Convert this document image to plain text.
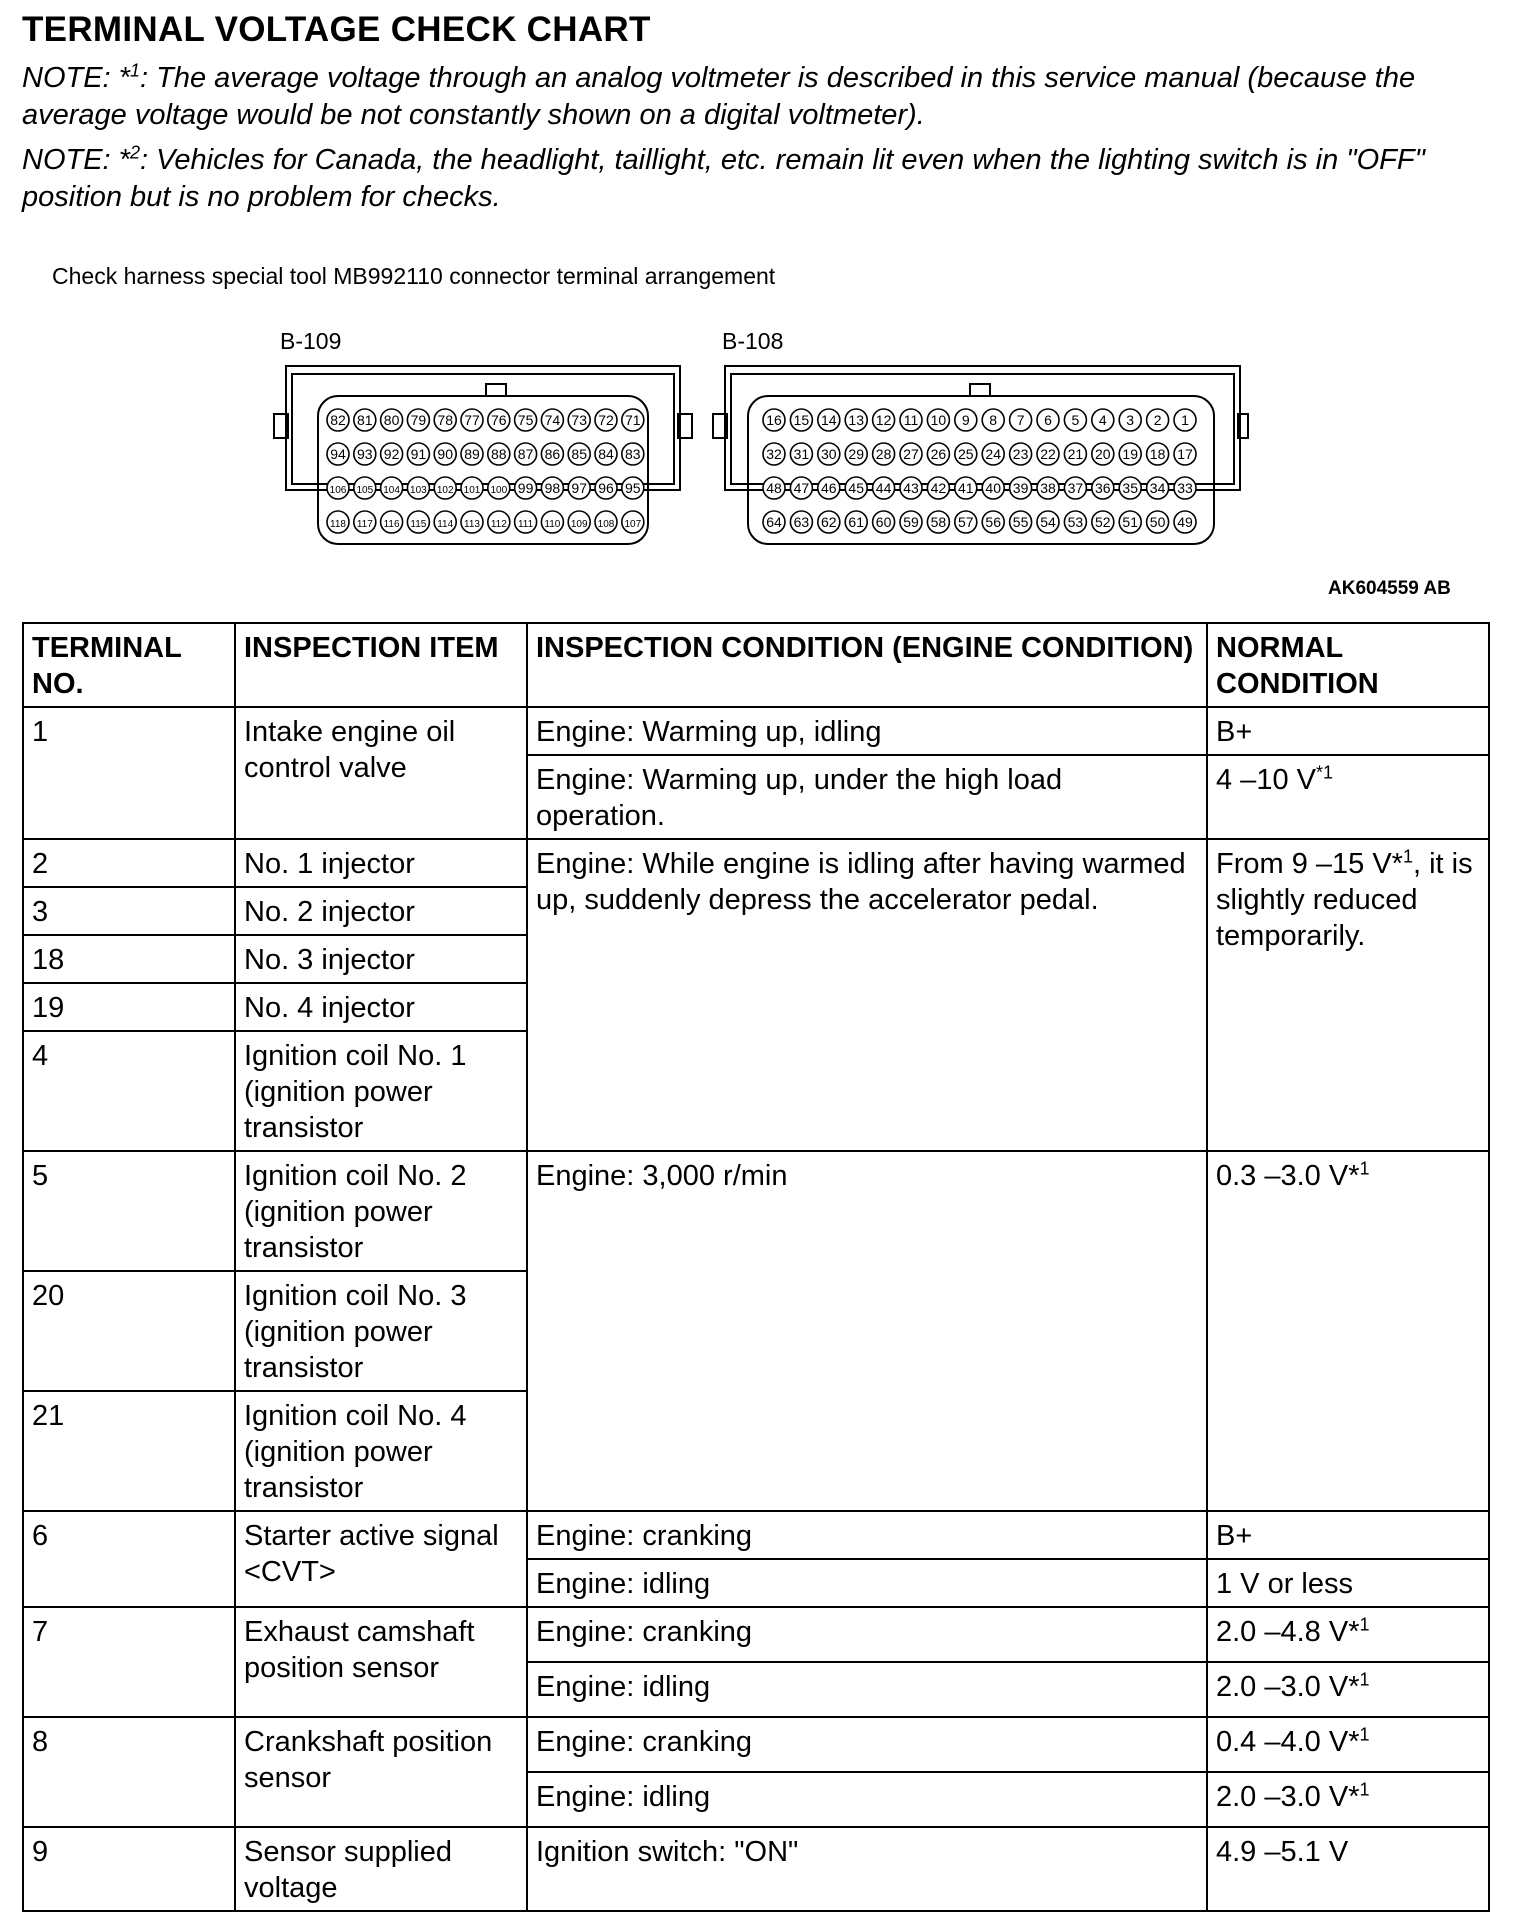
TERMINAL VOLTAGE CHECK CHART
NOTE: *$^1$: The average voltage through an analog voltmeter is described in this service manual (because the average voltage would be not constantly shown on a digital voltmeter).
NOTE: *$^2$: Vehicles for Canada, the headlight, taillight, etc. remain lit even when the lighting switch is in "OFF" position but is no problem for checks.
Check harness special tool MB992110 connector terminal arrangement
B-109	B-108
82 81 80 79 78 77 76 75 74 73 72 71
94 93 92 91 90 89 88 87 86 85 84 83
106 105 104 103 102 101 100 99 98 97 96 95
118 117 116 115 114 113 112 111 110 109 108 107
16 15 14 13 12 11 10 9 8 7 6 5 4 3 2 1
32 31 30 29 28 27 26 25 24 23 22 21 20 19 18 17
48 47 46 45 44 43 42 41 40 39 38 37 36 35 34 33
64 63 62 61 60 59 58 57 56 55 54 53 52 51 50 49
AK604559 AB
TERMINAL NO.	INSPECTION ITEM	INSPECTION CONDITION (ENGINE CONDITION)	NORMAL CONDITION
1	Intake engine oil control valve	Engine: Warming up, idling	B+
		Engine: Warming up, under the high load operation.	4 –10 $V^{*1}$
2	No. 1 injector	Engine: While engine is idling after having warmed up, suddenly depress the accelerator pedal.	From 9 –15 V*$^1$, it is slightly reduced temporarily.
3	No. 2 injector		
18	No. 3 injector		
19	No. 4 injector		
4	Ignition coil No. 1 (ignition power transistor		
5	Ignition coil No. 2 (ignition power transistor	Engine: 3,000 r/min	0.3 –3.0 V*$^1$
20	Ignition coil No. 3 (ignition power transistor		
21	Ignition coil No. 4 (ignition power transistor		
6	Starter active signal <CVT>	Engine: cranking	B+
		Engine: idling	1 V or less
7	Exhaust camshaft position sensor	Engine: cranking	2.0 –4.8 V*$^1$
		Engine: idling	2.0 –3.0 V*$^1$
8	Crankshaft position sensor	Engine: cranking	0.4 –4.0 V*$^1$
		Engine: idling	2.0 –3.0 V*$^1$
9	Sensor supplied voltage	Ignition switch: "ON"	4.9 –5.1 V
